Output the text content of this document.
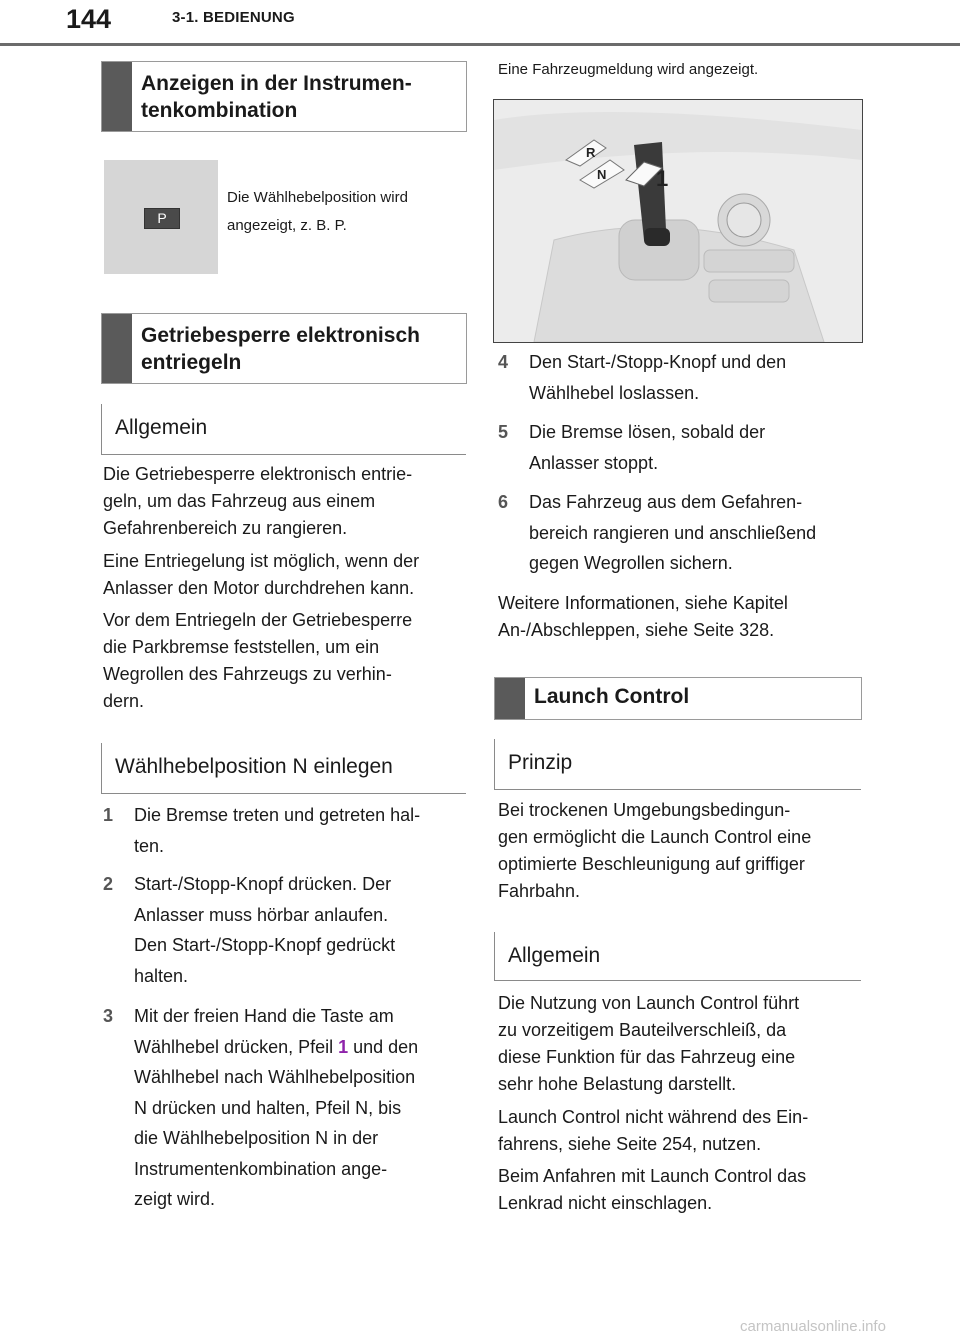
144	3-1. BEDIENUNG
Anzeigen in der Instrumen-
tenkombination
P
Die Wählhebelposition wird
angezeigt, z. B. P.
Getriebesperre elektronisch
entriegeln
Allgemein

Die Getriebesperre elektronisch entrie-
geln, um das Fahrzeug aus einem
Gefahrenbereich zu rangieren.

Eine Entriegelung ist möglich, wenn der
Anlasser den Motor durchdrehen kann.

Vor dem Entriegeln der Getriebesperre
die Parkbremse feststellen, um ein
Wegrollen des Fahrzeugs zu verhin-
dern.

Wählhebelposition N einlegen
1 Die Bremse treten und getreten hal-
ten.
2 Start-/Stopp-Knopf drücken. Der
Anlasser muss hörbar anlaufen.
Den Start-/Stopp-Knopf gedrückt
halten.
3 Mit der freien Hand die Taste am
Wählhebel drücken, Pfeil 1 und den
Wählhebel nach Wählhebelposition
N drücken und halten, Pfeil N, bis
die Wählhebelposition N in der
Instrumentenkombination ange-
zeigt wird.
Eine Fahrzeugmeldung wird angezeigt.
R
N 1
4 Den Start-/Stopp-Knopf und den
Wählhebel loslassen.
5 Die Bremse lösen, sobald der
Anlasser stoppt.
6 Das Fahrzeug aus dem Gefahren-
bereich rangieren und anschließend
gegen Wegrollen sichern.

Weitere Informationen, siehe Kapitel
An-/Abschleppen, siehe Seite 328.

Launch Control
Prinzip

Bei trockenen Umgebungsbedingun-
gen ermöglicht die Launch Control eine
optimierte Beschleunigung auf griffiger
Fahrbahn.

Allgemein

Die Nutzung von Launch Control führt
zu vorzeitigem Bauteilverschleiß, da
diese Funktion für das Fahrzeug eine
sehr hohe Belastung darstellt.

Launch Control nicht während des Ein-
fahrens, siehe Seite 254, nutzen.

Beim Anfahren mit Launch Control das
Lenkrad nicht einschlagen.

carmanualsonline.info
